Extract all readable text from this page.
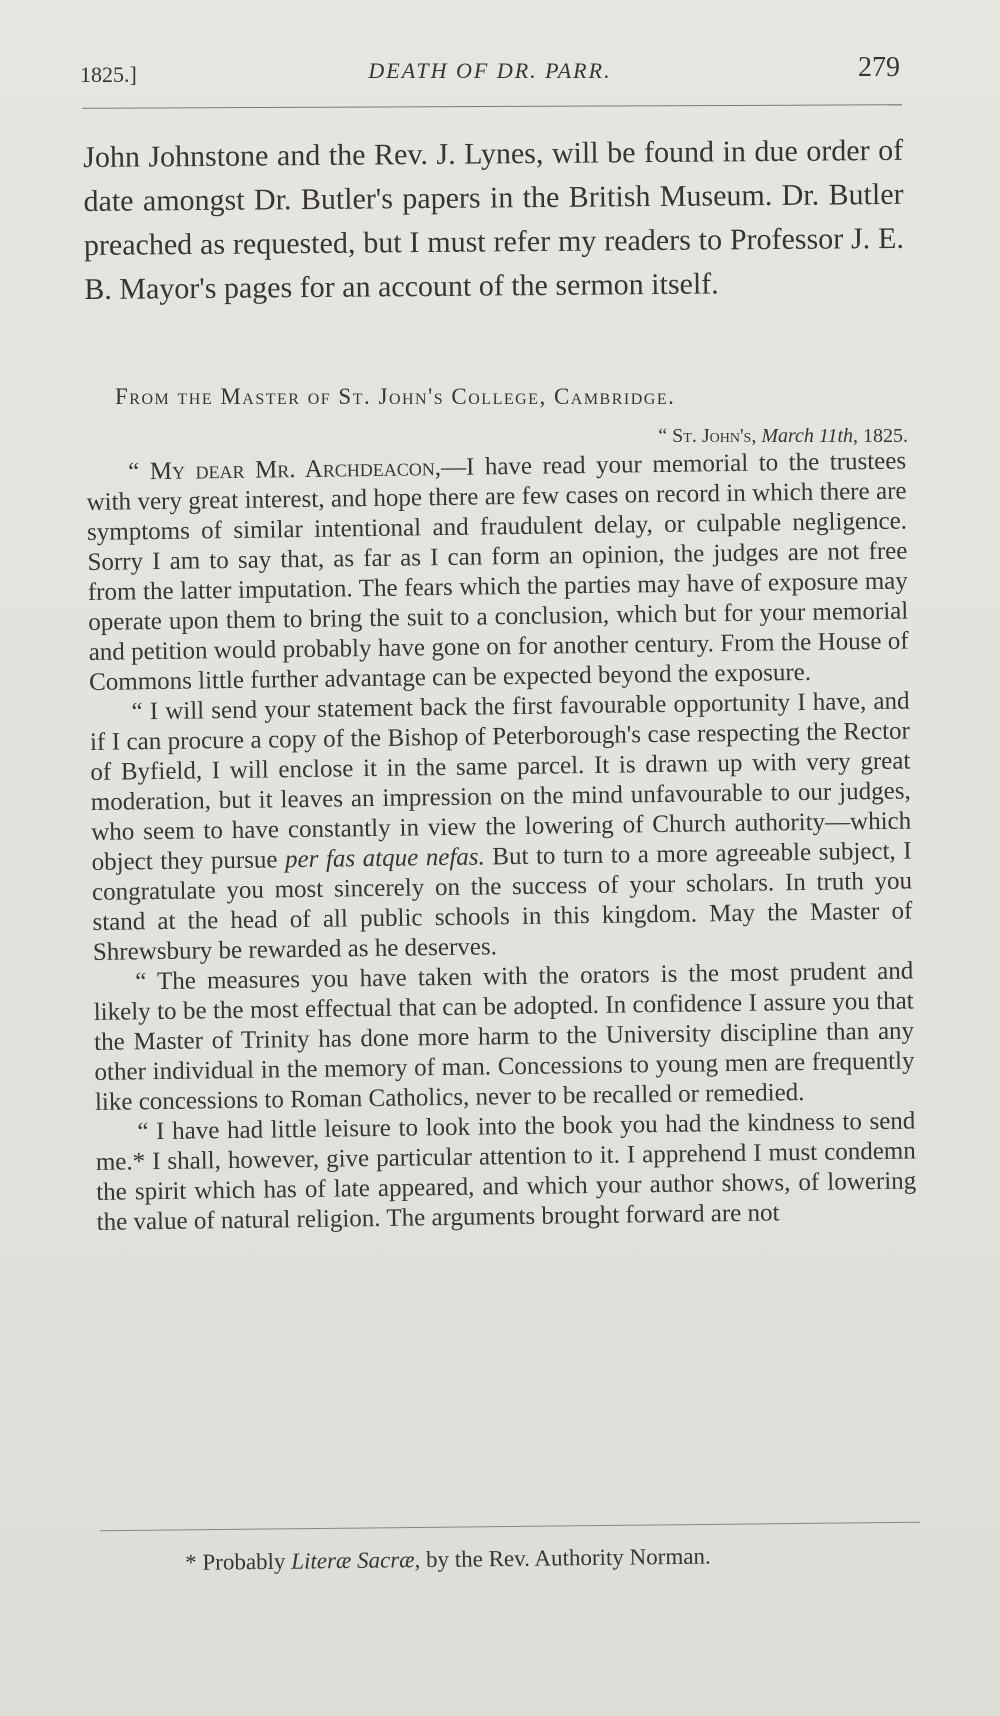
1825.]	DEATH OF DR. PARR.	279
John Johnstone and the Rev. J. Lynes, will be found in due order of date amongst Dr. Butler's papers in the British Museum. Dr. Butler preached as requested, but I must refer my readers to Professor J. E. B. Mayor's pages for an account of the sermon itself.
From the Master of St. John's College, Cambridge.
“ St. John's, March 11th, 1825.

“ My dear Mr. Archdeacon,—I have read your memorial to the trustees with very great interest, and hope there are few cases on record in which there are symptoms of similar intentional and fraudulent delay, or culpable negligence. Sorry I am to say that, as far as I can form an opinion, the judges are not free from the latter imputation. The fears which the parties may have of exposure may operate upon them to bring the suit to a conclusion, which but for your memorial and petition would probably have gone on for another century. From the House of Commons little further advantage can be expected beyond the exposure.

“ I will send your statement back the first favourable opportunity I have, and if I can procure a copy of the Bishop of Peterborough's case respecting the Rector of Byfield, I will enclose it in the same parcel. It is drawn up with very great moderation, but it leaves an impression on the mind unfavourable to our judges, who seem to have constantly in view the lowering of Church authority—which object they pursue per fas atque nefas. But to turn to a more agreeable subject, I congratulate you most sincerely on the success of your scholars. In truth you stand at the head of all public schools in this kingdom. May the Master of Shrewsbury be rewarded as he deserves.

“ The measures you have taken with the orators is the most prudent and likely to be the most effectual that can be adopted. In confidence I assure you that the Master of Trinity has done more harm to the University discipline than any other individual in the memory of man. Concessions to young men are frequently like concessions to Roman Catholics, never to be recalled or remedied.

“ I have had little leisure to look into the book you had the kindness to send me.* I shall, however, give particular attention to it. I apprehend I must condemn the spirit which has of late appeared, and which your author shows, of lowering the value of natural religion. The arguments brought forward are not

* Probably Literæ Sacræ, by the Rev. Authority Norman.
